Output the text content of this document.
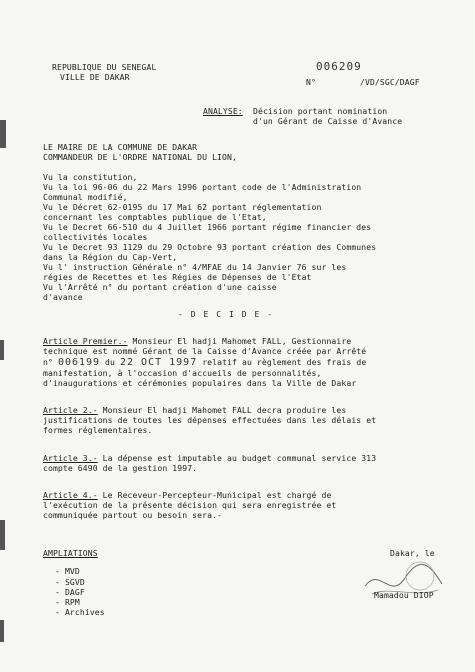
REPUBLIQUE DU SENEGAL
VILLE DE DAKAR
006209
N°	/VD/SGC/DAGF
ANALYSE: Décision portant nomination
d'un Gérant de Caisse d'Avance
LE MAIRE DE LA COMMUNE DE DAKAR
COMMANDEUR DE L'ORDRE NATIONAL DU LION,
Vu la constitution,
Vu la loi 96-06 du 22 Mars 1996 portant code de l'Administration
Communal modifié,
Vu le Décret 62-0195 du 17 Mai 62 portant réglementation
concernant les comptables publique de l'Etat,
Vu le Decret 66-510 du 4 Juillet 1966 portant régime financier des
collectivités locales
Vu le Decret 93 1129 du 29 Octobre 93 portant création des Communes
dans la Région du Cap-Vert,
Vu l' instruction Générale n° 4/MFAE du 14 Janvier 76 sur les
régies de Recettes et les Régies de Dépenses de l'Etat
Vu l'Arrêté n° du portant création d'une caisse
d'avance
- D E C I D E -
Article Premier.- Monsieur El hadji Mahomet FALL, Gestionnaire
technique est nommé Gérant de la Caisse d'Avance créée par Arrêté
n° 006199 du 22 OCT 1997 relatif au règlement des frais de
manifestation, à l'occasion d'accueils de personnalités,
d'inaugurations et cérémonies populaires dans la Ville de Dakar
Article 2.- Monsieur El hadji Mahomet FALL decra produire les
justifications de toutes les dépenses effectuées dans les délais et
formes réglementaires.
Article 3.- La dépense est imputable au budget communal service 313
compte 6490 de la gestion 1997.
Article 4.- Le Receveur-Percepteur-Municipal est chargé de
l'exécution de la présente décision qui sera enregistrée et
communiquée partout ou besoin sera.-
Dakar, le
AMPLIATIONS
- MVD
- SGVD
- DAGF
- RPM
- Archives
Mamadou DIOP
